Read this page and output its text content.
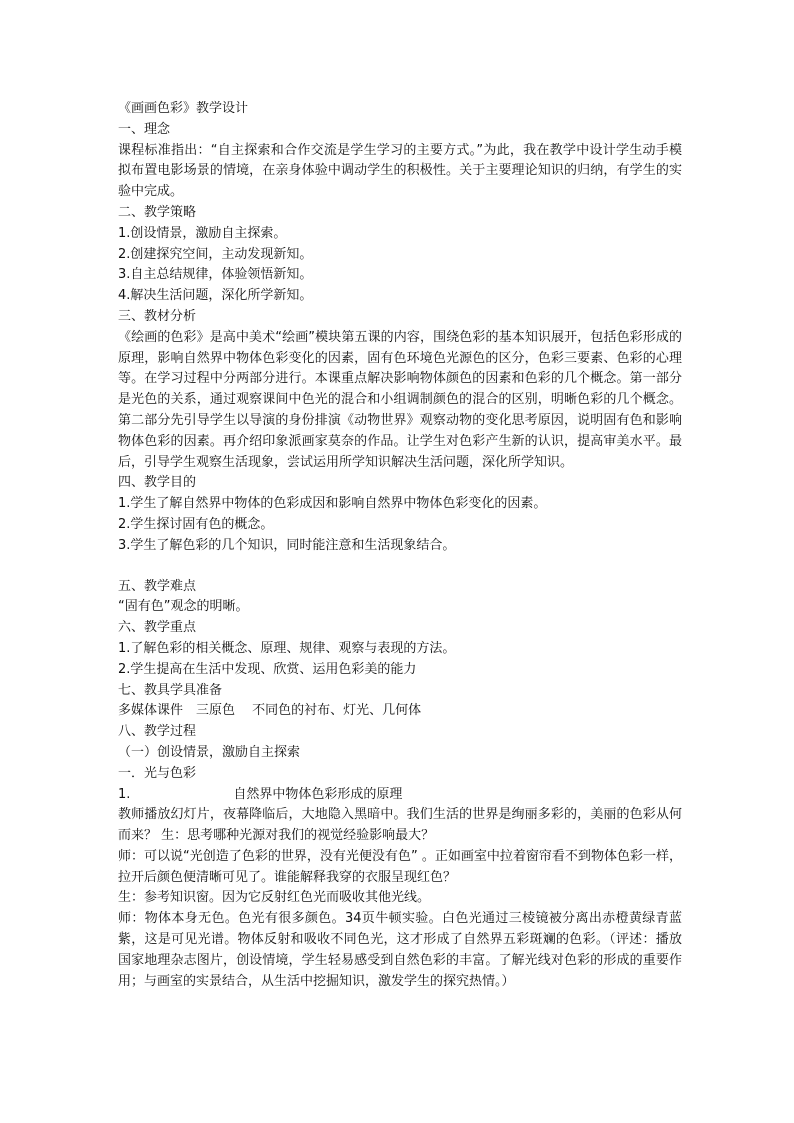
《画画色彩》教学设计

一、理念

课程标准指出：“自主探索和合作交流是学生学习的主要方式。”为此，我在教学中设计学生动手模拟布置电影场景的情境，在亲身体验中调动学生的积极性。关于主要理论知识的归纳，有学生的实验中完成。

二、教学策略

1.创设情景，激励自主探索。

2.创建探究空间，主动发现新知。

3.自主总结规律，体验领悟新知。

4.解决生活问题，深化所学新知。

三、教材分析

《绘画的色彩》是高中美术“绘画”模块第五课的内容，围绕色彩的基本知识展开，包括色彩形成的原理，影响自然界中物体色彩变化的因素，固有色环境色光源色的区分，色彩三要素、色彩的心理等。在学习过程中分两部分进行。本课重点解决影响物体颜色的因素和色彩的几个概念。第一部分是光色的关系，通过观察课间中色光的混合和小组调制颜色的混合的区别，明晰色彩的几个概念。第二部分先引导学生以导演的身份排演《动物世界》观察动物的变化思考原因，说明固有色和影响物体色彩的因素。再介绍印象派画家莫奈的作品。让学生对色彩产生新的认识，提高审美水平。最后，引导学生观察生活现象，尝试运用所学知识解决生活问题，深化所学知识。

四、教学目的

1.学生了解自然界中物体的色彩成因和影响自然界中物体色彩变化的因素。

2.学生探讨固有色的概念。

3.学生了解色彩的几个知识，同时能注意和生活现象结合。

五、教学难点

“固有色”观念的明晰。

六、教学重点

1.了解色彩的相关概念、原理、规律、观察与表现的方法。

2.学生提高在生活中发现、欣赏、运用色彩美的能力

七、教具学具准备

多媒体课件　三原色　 不同色的衬布、灯光、几何体

八、教学过程

（一）创设情景，激励自主探索

一．光与色彩

1.	自然界中物体色彩形成的原理

教师播放幻灯片，夜幕降临后，大地隐入黑暗中。我们生活的世界是绚丽多彩的，美丽的色彩从何而来？ 生：思考哪种光源对我们的视觉经验影响最大？

师：可以说“光创造了色彩的世界，没有光便没有色” 。正如画室中拉着窗帘看不到物体色彩一样，拉开后颜色便清晰可见了。谁能解释我穿的衣服呈现红色？

生：参考知识窗。因为它反射红色光而吸收其他光线。

师：物体本身无色。色光有很多颜色。34页牛顿实验。白色光通过三棱镜被分离出赤橙黄绿青蓝紫，这是可见光谱。物体反射和吸收不同色光，这才形成了自然界五彩斑斓的色彩。（评述：播放国家地理杂志图片，创设情境，学生轻易感受到自然色彩的丰富。了解光线对色彩的形成的重要作用；与画室的实景结合，从生活中挖掘知识，激发学生的探究热情。）
